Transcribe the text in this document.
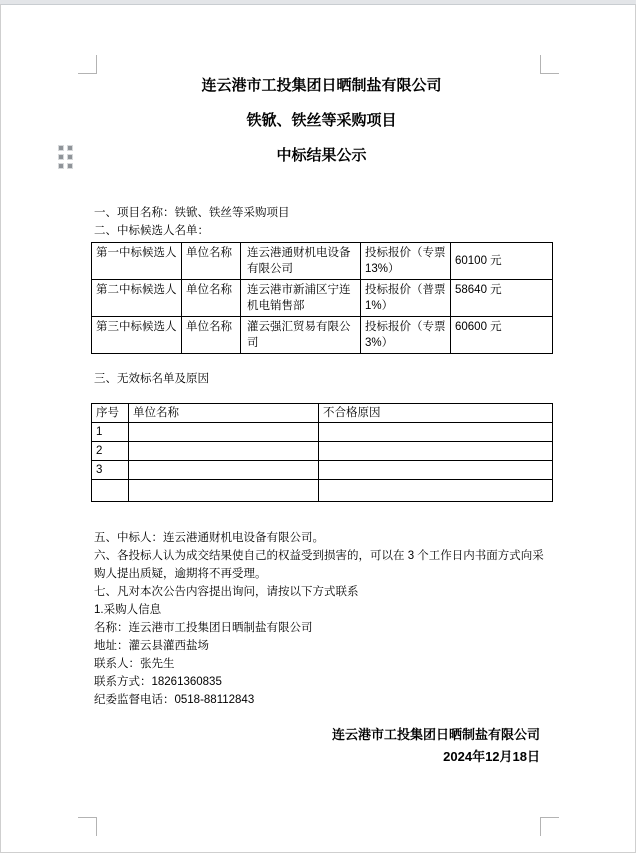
连云港市工投集团日晒制盐有限公司
铁锨、铁丝等采购项目
中标结果公示

一、项目名称：铁锨、铁丝等采购项目

二、中标候选人名单：

第一中标候选人	单位名称	连云港通财机电设备有限公司	投标报价（专票13%）	60100 元
第二中标候选人	单位名称	连云港市新浦区宁连机电销售部	投标报价（普票1%）	58640 元
第三中标候选人	单位名称	灌云强汇贸易有限公司	投标报价（专票3%）	60600 元

三、无效标名单及原因

序号	单位名称	不合格原因
1		
2		
3		

五、中标人：连云港通财机电设备有限公司。

六、各投标人认为成交结果使自己的权益受到损害的，可以在 3 个工作日内书面方式向采购人提出质疑，逾期将不再受理。

七、凡对本次公告内容提出询问，请按以下方式联系

1.采购人信息

名称：连云港市工投集团日晒制盐有限公司

地址：灌云县灌西盐场

联系人：张先生

联系方式：18261360835

纪委监督电话：0518-88112843

连云港市工投集团日晒制盐有限公司
2024年12月18日
